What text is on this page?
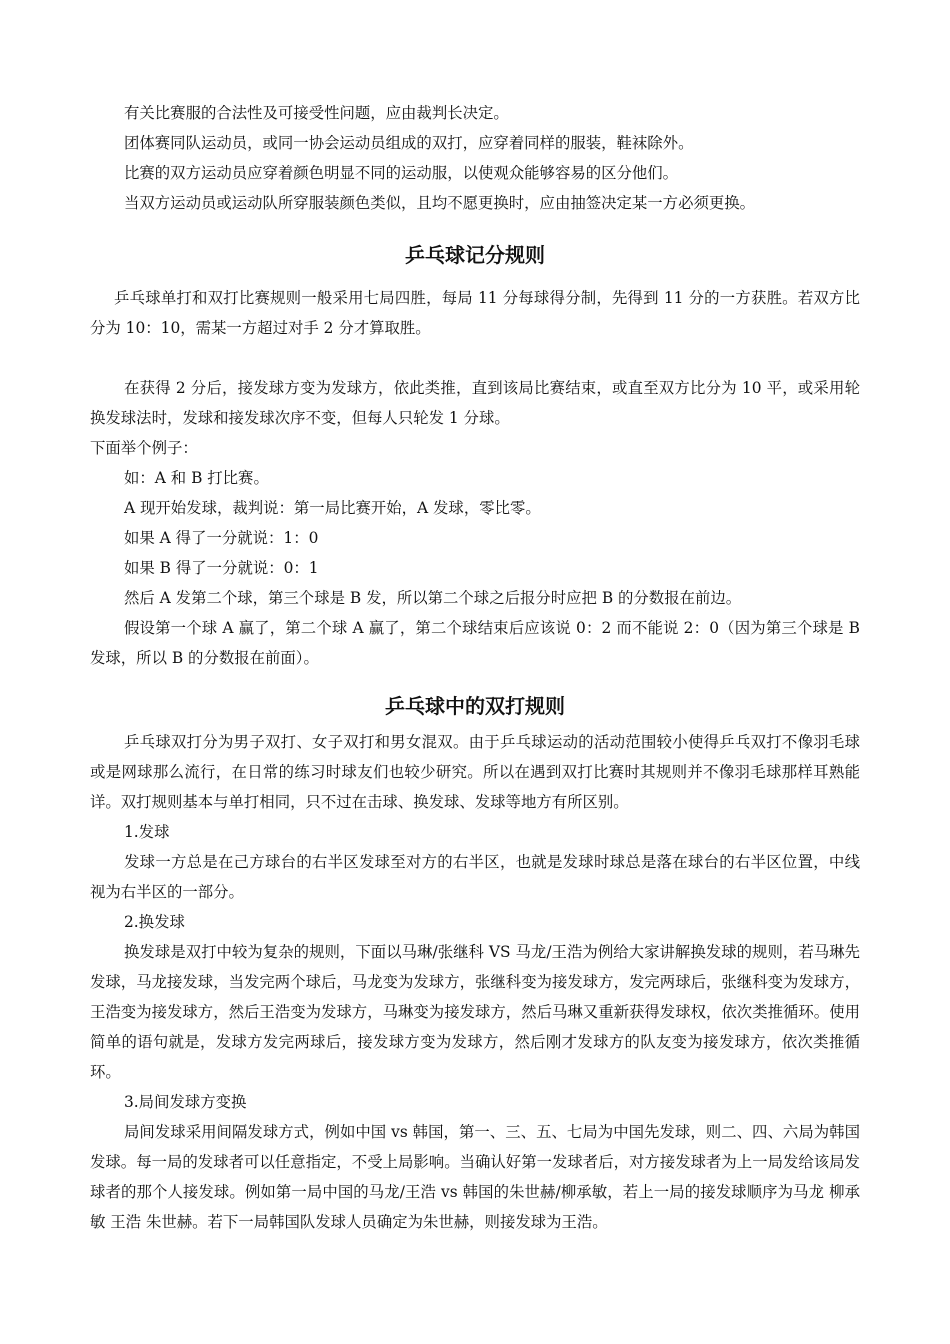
有关比赛服的合法性及可接受性问题，应由裁判长决定。

团体赛同队运动员，或同一协会运动员组成的双打，应穿着同样的服装，鞋袜除外。

比赛的双方运动员应穿着颜色明显不同的运动服，以使观众能够容易的区分他们。

当双方运动员或运动队所穿服装颜色类似，且均不愿更换时，应由抽签决定某一方必须更换。

乒乓球记分规则

乒乓球单打和双打比赛规则一般采用七局四胜，每局 11 分每球得分制，先得到 11 分的一方获胜。若双方比分为 10：10，需某一方超过对手 2 分才算取胜。

在获得 2 分后，接发球方变为发球方，依此类推，直到该局比赛结束，或直至双方比分为 10 平，或采用轮换发球法时，发球和接发球次序不变，但每人只轮发 1 分球。

下面举个例子：

如：A 和 B 打比赛。

A 现开始发球，裁判说：第一局比赛开始，A 发球，零比零。

如果 A 得了一分就说：1：0

如果 B 得了一分就说：0：1

然后 A 发第二个球，第三个球是 B 发，所以第二个球之后报分时应把 B 的分数报在前边。

假设第一个球 A 赢了，第二个球 A 赢了，第二个球结束后应该说 0：2 而不能说 2：0（因为第三个球是 B 发球，所以 B 的分数报在前面）。

乒乓球中的双打规则

乒乓球双打分为男子双打、女子双打和男女混双。由于乒乓球运动的活动范围较小使得乒乓双打不像羽毛球或是网球那么流行，在日常的练习时球友们也较少研究。所以在遇到双打比赛时其规则并不像羽毛球那样耳熟能详。双打规则基本与单打相同，只不过在击球、换发球、发球等地方有所区别。

1.发球

发球一方总是在己方球台的右半区发球至对方的右半区，也就是发球时球总是落在球台的右半区位置，中线视为右半区的一部分。

2.换发球

换发球是双打中较为复杂的规则，下面以马琳/张继科 VS 马龙/王浩为例给大家讲解换发球的规则，若马琳先发球，马龙接发球，当发完两个球后，马龙变为发球方，张继科变为接发球方，发完两球后，张继科变为发球方，王浩变为接发球方，然后王浩变为发球方，马琳变为接发球方，然后马琳又重新获得发球权，依次类推循环。使用简单的语句就是，发球方发完两球后，接发球方变为发球方，然后刚才发球方的队友变为接发球方，依次类推循环。

3.局间发球方变换

局间发球采用间隔发球方式，例如中国 vs 韩国，第一、三、五、七局为中国先发球，则二、四、六局为韩国发球。每一局的发球者可以任意指定，不受上局影响。当确认好第一发球者后，对方接发球者为上一局发给该局发球者的那个人接发球。例如第一局中国的马龙/王浩 vs 韩国的朱世赫/柳承敏，若上一局的接发球顺序为马龙 柳承敏 王浩 朱世赫。若下一局韩国队发球人员确定为朱世赫，则接发球为王浩。
